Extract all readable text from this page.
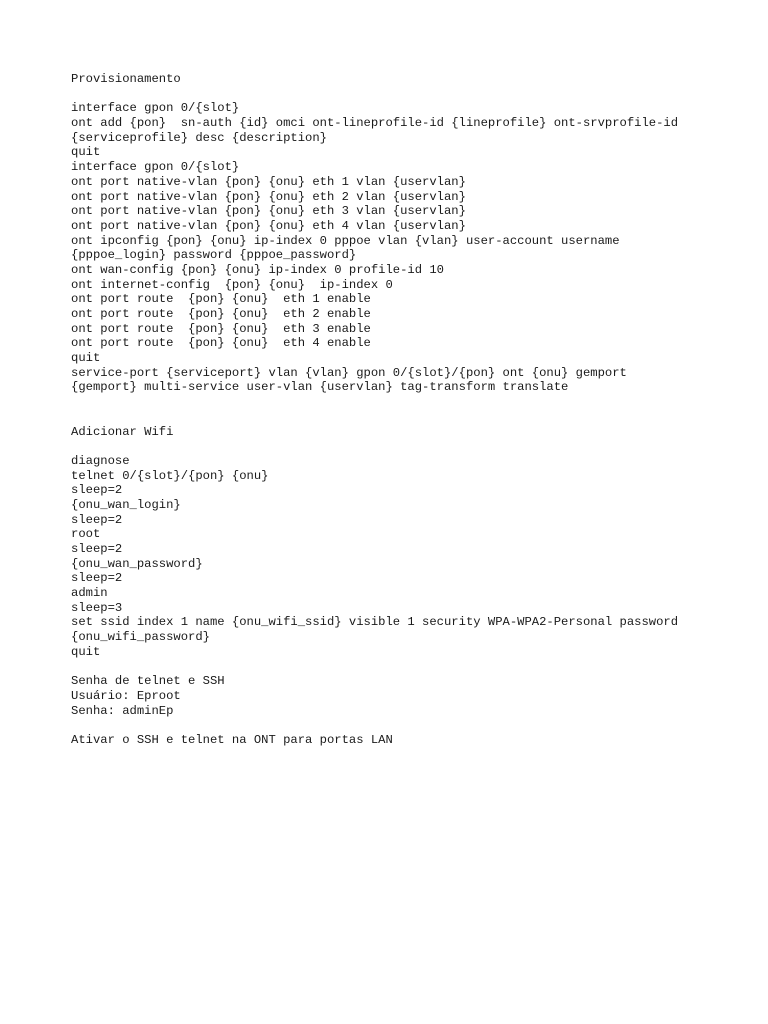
Provisionamento
interface gpon 0/{slot}
ont add {pon}  sn-auth {id} omci ont-lineprofile-id {lineprofile} ont-srvprofile-id
{serviceprofile} desc {description}
quit
interface gpon 0/{slot}
ont port native-vlan {pon} {onu} eth 1 vlan {uservlan}
ont port native-vlan {pon} {onu} eth 2 vlan {uservlan}
ont port native-vlan {pon} {onu} eth 3 vlan {uservlan}
ont port native-vlan {pon} {onu} eth 4 vlan {uservlan}
ont ipconfig {pon} {onu} ip-index 0 pppoe vlan {vlan} user-account username
{pppoe_login} password {pppoe_password}
ont wan-config {pon} {onu} ip-index 0 profile-id 10
ont internet-config  {pon} {onu}  ip-index 0
ont port route  {pon} {onu}  eth 1 enable
ont port route  {pon} {onu}  eth 2 enable
ont port route  {pon} {onu}  eth 3 enable
ont port route  {pon} {onu}  eth 4 enable
quit
service-port {serviceport} vlan {vlan} gpon 0/{slot}/{pon} ont {onu} gemport
{gemport} multi-service user-vlan {uservlan} tag-transform translate
Adicionar Wifi
diagnose
telnet 0/{slot}/{pon} {onu}
sleep=2
{onu_wan_login}
sleep=2
root
sleep=2
{onu_wan_password}
sleep=2
admin
sleep=3
set ssid index 1 name {onu_wifi_ssid} visible 1 security WPA-WPA2-Personal password
{onu_wifi_password}
quit
Senha de telnet e SSH
Usuário: Eproot
Senha: adminEp
Ativar o SSH e telnet na ONT para portas LAN
